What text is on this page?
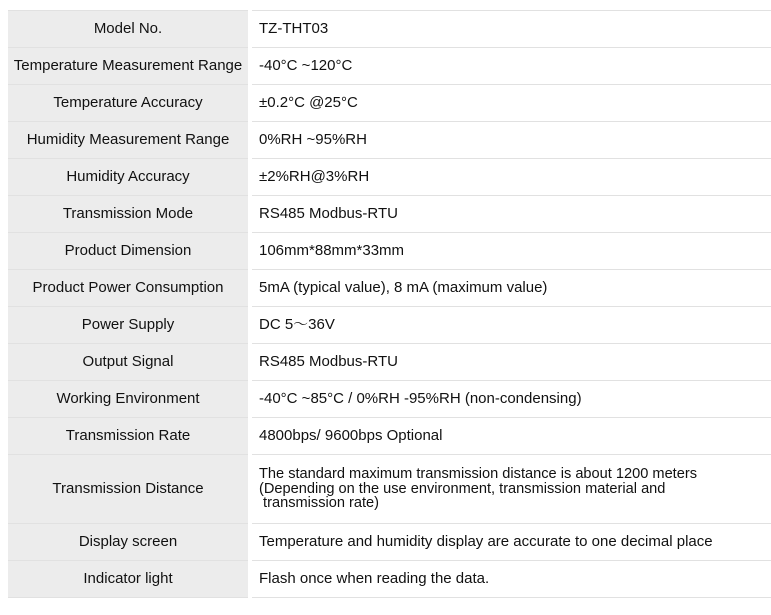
Model No.	TZ-THT03
Temperature Measurement Range	-40°C ~120°C
Temperature Accuracy	±0.2°C @25°C
Humidity Measurement Range	0%RH ~95%RH
Humidity Accuracy	±2%RH@3%RH
Transmission Mode	RS485 Modbus-RTU
Product Dimension	106mm*88mm*33mm
Product Power Consumption	5mA (typical value), 8 mA (maximum value)
Power Supply	DC 5～36V
Output Signal	RS485 Modbus-RTU
Working Environment	-40°C ~85°C / 0%RH -95%RH (non-condensing)
Transmission Rate	4800bps/ 9600bps Optional
Transmission Distance	The standard maximum transmission distance is about 1200 meters
(Depending on the use environment, transmission material and
transmission rate)

Display screen	Temperature and humidity display are accurate to one decimal place
Indicator light	Flash once when reading the data.
